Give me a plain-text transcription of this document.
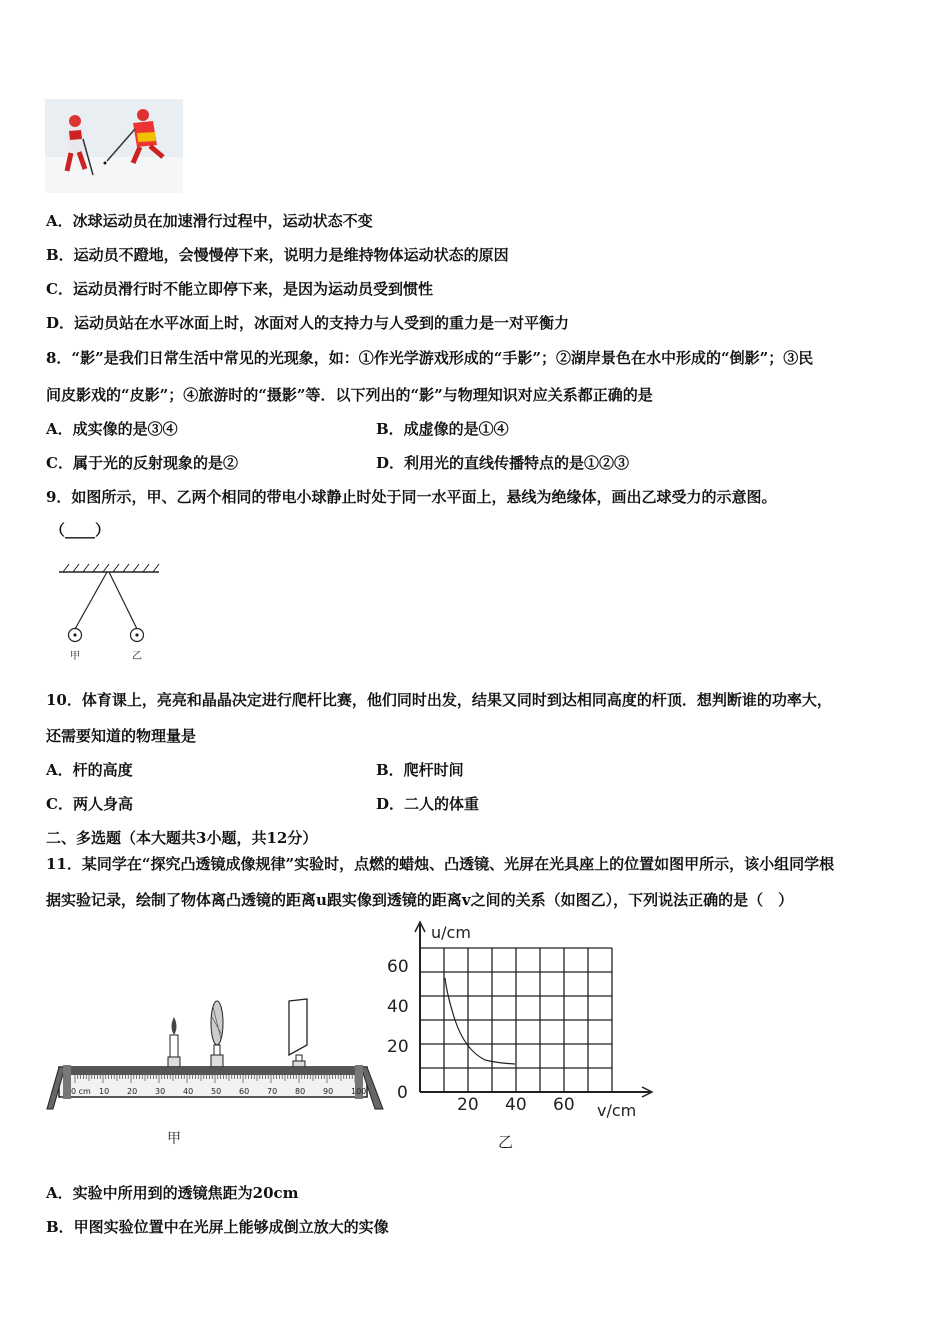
A．冰球运动员在加速滑行过程中，运动状态不变
B．运动员不蹬地，会慢慢停下来，说明力是维持物体运动状态的原因
C．运动员滑行时不能立即停下来，是因为运动员受到惯性
D．运动员站在水平冰面上时，冰面对人的支持力与人受到的重力是一对平衡力
8．“影”是我们日常生活中常见的光现象，如：①作光学游戏形成的“手影”；②湖岸景色在水中形成的“倒影”；③民
间皮影戏的“皮影”；④旅游时的“摄影”等．以下列出的“影”与物理知识对应关系都正确的是
A．成实像的是③④	B．成虚像的是①④
C．属于光的反射现象的是②	D．利用光的直线传播特点的是①②③
9．如图所示，甲、乙两个相同的带电小球静止时处于同一水平面上，悬线为绝缘体，画出乙球受力的示意图。
（____）
甲	乙
10．体育课上，亮亮和晶晶决定进行爬杆比赛，他们同时出发，结果又同时到达相同高度的杆顶．想判断谁的功率大，
还需要知道的物理量是
A．杆的高度	B．爬杆时间
C．两人身高	D．二人的体重
二、多选题（本大题共3小题，共12分）
11．某同学在“探究凸透镜成像规律”实验时，点燃的蜡烛、凸透镜、光屏在光具座上的位置如图甲所示，该小组同学根
据实验记录，绘制了物体离凸透镜的距离u跟实像到透镜的距离v之间的关系（如图乙），下列说法正确的是（　）
0 cm 10 20 30 40 50 60 70 80 90 100
甲
u/cm
60
40
20
0
20 40 60 v/cm
乙
A．实验中所用到的透镜焦距为20cm
B．甲图实验位置中在光屏上能够成倒立放大的实像
